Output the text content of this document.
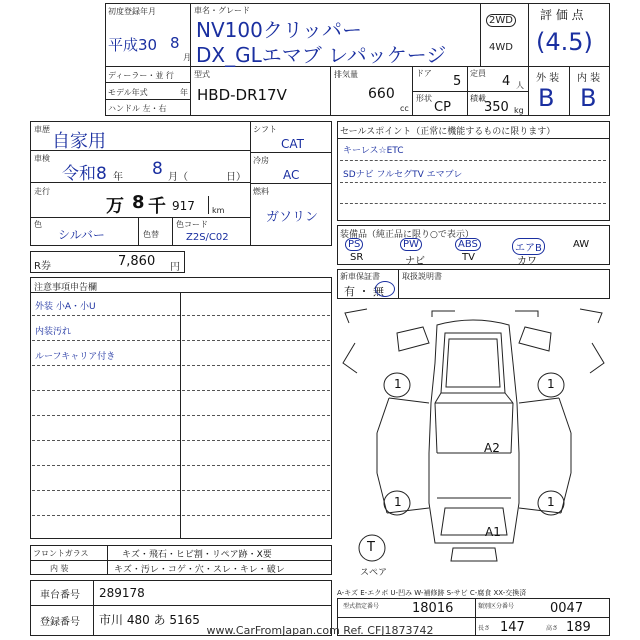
初度登録年月
平成30 8
月
車名・グレード
NV100クリッパー
DX_GLエマブ レパッケージ
2WD
4WD
評 価 点
(4.5)
外 装 内 装
B B
ディーラー・並 行
モデル年式	年
ハンドル 左・右
型式
HBD-DR17V
排気量
660
cc
ドア
5
定員
4 人
形状
CP
積載
350 kg
車歴
自家用
車検
令和8 年 8 月（	日）
走行
万 8 千 917 km
色
シルバー	色替
色コード
Z2S/C02
シフト
CAT
冷房
AC
燃料
ガソリン
R券	7,860 円
セールスポイント（正常に機能するものに限ります）
キーレス☆ETC
SDナビ フルセグTV エマブレ
装備品（純正品に限り○で表示）
PS	PW	ABS	エアB	AW
SR	ナビ	TV	カワ
新車保証書
有 ・ 無
取扱説明書
注意事項申告欄
外装 小A・小U
内装汚れ
ルーフキャリア付き
1	1
A2
1	1
A1
T
スペア
A-キズ E-エクボ U-凹み W-補修跡 S-サビ C-腐食 XX-交換済
フロントガラス	キズ・飛石・ヒビ割・リペア跡・X要
内 装	キズ・汚レ・コゲ・穴・スレ・キレ・破レ
車台番号 289178
登録番号 市川 480 あ 5165
型式指定番号	18016	類別区分番号	0047
長さ 147	高さ 189
www.CarFromJapan.com Ref. CFJ1873742
